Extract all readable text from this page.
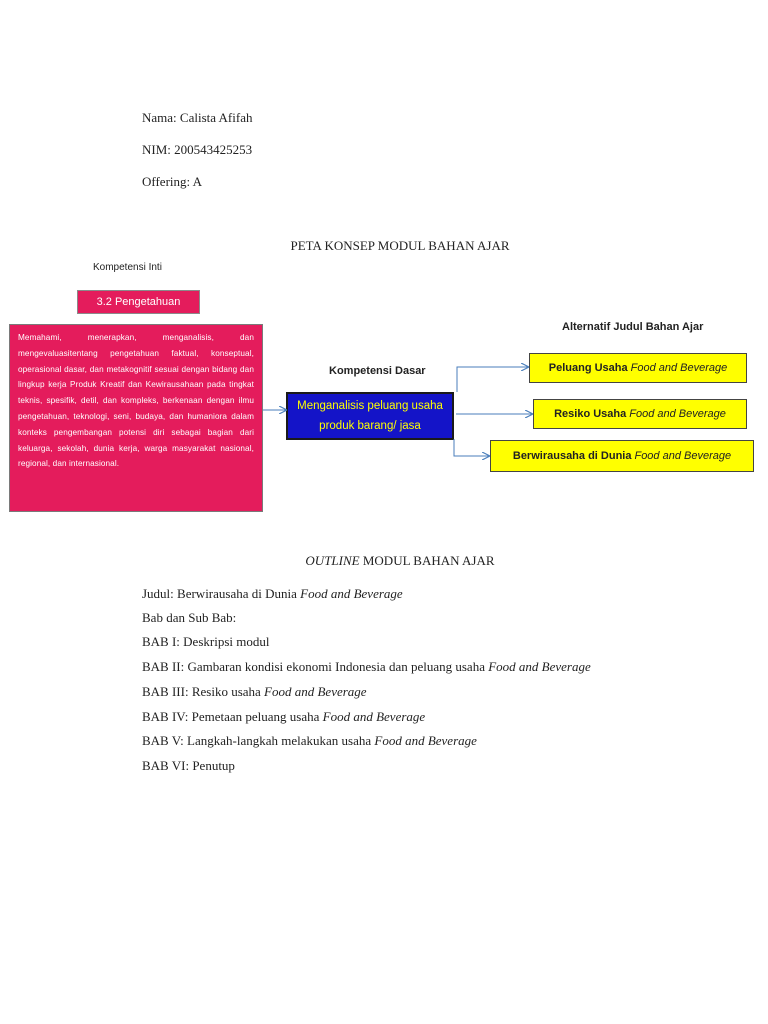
Nama: Calista Afifah
NIM: 200543425253
Offering: A
PETA KONSEP MODUL BAHAN AJAR
Kompetensi Inti
3.2 Pengetahuan
Memahami, menerapkan, menganalisis, dan mengevaluasitentang pengetahuan faktual, konseptual, operasional dasar, dan metakognitif sesuai dengan bidang dan lingkup kerja Produk Kreatif dan Kewirausahaan pada tingkat teknis, spesifik, detil, dan kompleks, berkenaan dengan ilmu pengetahuan, teknologi, seni, budaya, dan humaniora dalam konteks pengembangan potensi diri sebagai bagian dari keluarga, sekolah, dunia kerja, warga masyarakat nasional, regional, dan internasional.
Kompetensi Dasar
Menganalisis peluang usaha produk barang/ jasa
Alternatif Judul Bahan Ajar
Peluang Usaha Food and Beverage
Resiko Usaha Food and Beverage
Berwirausaha di Dunia Food and Beverage
OUTLINE MODUL BAHAN AJAR
Judul: Berwirausaha di Dunia Food and Beverage
Bab dan Sub Bab:
BAB I: Deskripsi modul
BAB II: Gambaran kondisi ekonomi Indonesia dan peluang usaha Food and Beverage
BAB III: Resiko usaha Food and Beverage
BAB IV: Pemetaan peluang usaha Food and Beverage
BAB V: Langkah-langkah melakukan usaha Food and Beverage
BAB VI: Penutup
